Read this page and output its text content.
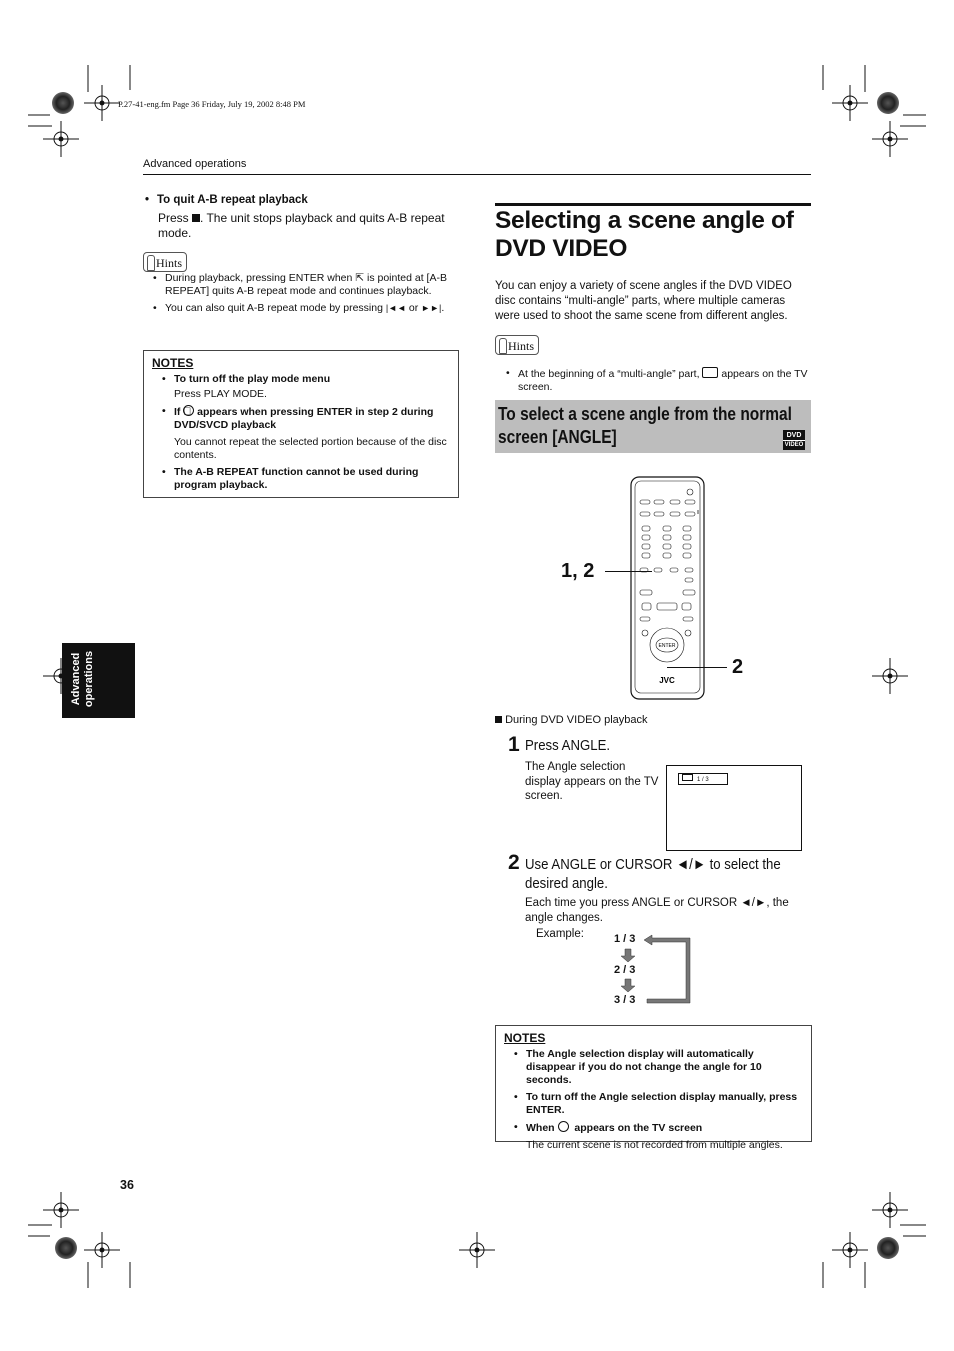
P.27-41-eng.fm Page 36 Friday, July 19, 2002 8:48 PM
Advanced operations
Advanced operations
• To quit A-B repeat playback
Press . The unit stops playback and quits A-B repeat mode.
Hints
• During playback, pressing ENTER when ⇱ is pointed at [A-B REPEAT] quits A-B repeat mode and continues playback.
• You can also quit A-B repeat mode by pressing |◄◄ or ►►|.
NOTES
• To turn off the play mode menu
Press PLAY MODE.
• If  appears when pressing ENTER in step 2 during DVD/SVCD playback
You cannot repeat the selected portion because of the disc contents.
• The A-B REPEAT function cannot be used during program playback.
Selecting a scene angle of
DVD VIDEO
You can enjoy a variety of scene angles if the DVD VIDEO disc contains “multi-angle” parts, where multiple cameras were used to shoot the same scene from different angles.
Hints
• At the beginning of a “multi-angle” part,  appears on the TV screen.
To select a scene angle from the normal
screen [ANGLE]	DVD
VIDEO
ENTER
JVC
1, 2
2
During DVD VIDEO playback
1 Press ANGLE.
The Angle selection display appears on the TV screen.
1 / 3
2 Use ANGLE or CURSOR ◄/► to select the desired angle.
Each time you press ANGLE or CURSOR ◄/►, the angle changes.
Example:	1 / 3
2 / 3
3 / 3
NOTES
• The Angle selection display will automatically disappear if you do not change the angle for 10 seconds.
• To turn off the Angle selection display manually, press ENTER.
• When  appears on the TV screen
The current scene is not recorded from multiple angles.
36
